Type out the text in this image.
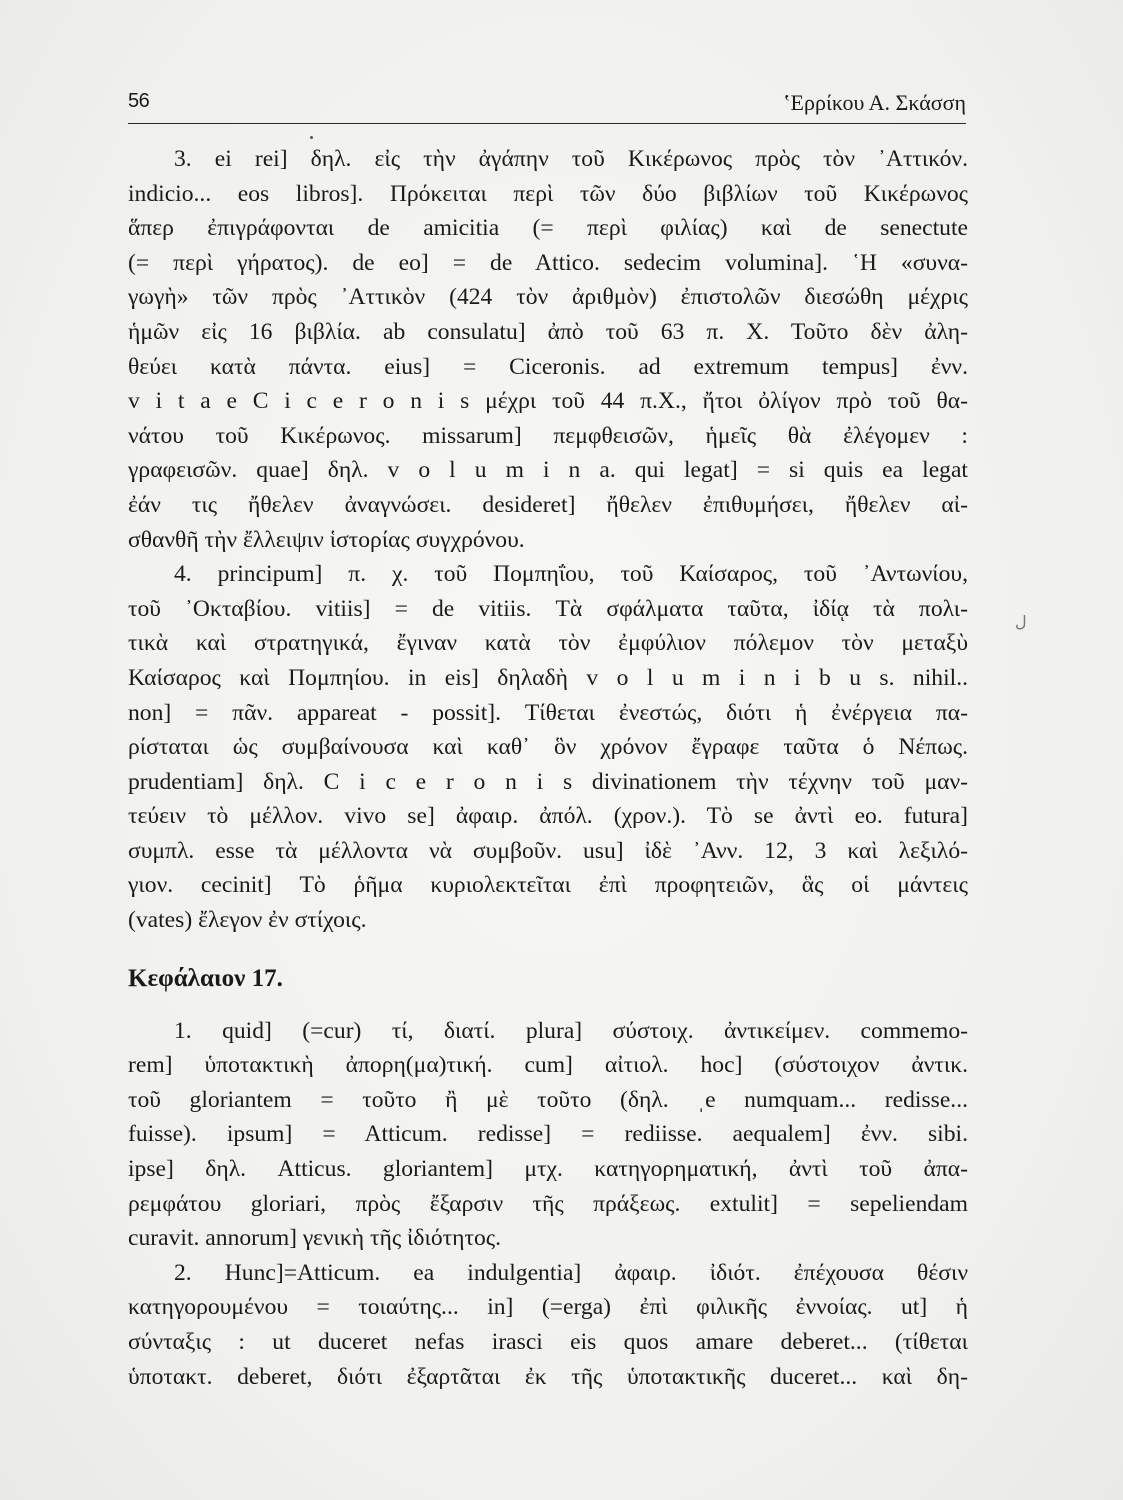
56	ʽΕρρίκου Α. Σκάσση
3. ei rei] δηλ. εἰς τὴν ἀγάπην τοῦ Κικέρωνος πρὸς τὸν ᾿Αττικόν.
indicio... eos libros]. Πρόκειται περὶ τῶν δύο βιβλίων τοῦ Κικέρωνος
ἅπερ ἐπιγράφονται de amicitia (= περὶ φιλίας) καὶ de senectute
(= περὶ γήρατος). de eo] = de Attico. sedecim volumina]. ῾Η «συνα-
γωγὴ» τῶν πρὸς ᾿Αττικὸν (424 τὸν ἀριθμὸν) ἐπιστολῶν διεσώθη μέχρις
ἡμῶν εἰς 16 βιβλία. ab consulatu] ἀπὸ τοῦ 63 π. Χ. Τοῦτο δὲν ἀλη-
θεύει κατὰ πάντα. eius] = Ciceronis. ad extremum tempus] ἐνν.
v i t a e C i c e r o n i s μέχρι τοῦ 44 π.Χ., ἤτοι ὀλίγον πρὸ τοῦ θα-
νάτου τοῦ Κικέρωνος. missarum] πεμφθεισῶν, ἡμεῖς θὰ ἐλέγομεν :
γραφεισῶν. quae] δηλ. v o l u m i n a. qui legat] = si quis ea legat
ἐάν τις ἤθελεν ἀναγνώσει. desideret] ἤθελεν ἐπιθυμήσει, ἤθελεν αἰ-
σθανθῆ τὴν ἔλλειψιν ἱστορίας συγχρόνου.
4. principum] π. χ. τοῦ Πομπηΐου, τοῦ Καίσαρος, τοῦ ᾿Αντωνίου,
τοῦ ᾿Οκταβίου. vitiis] = de vitiis. Τὰ σφάλματα ταῦτα, ἰδίᾳ τὰ πολι-
τικὰ καὶ στρατηγικά, ἔγιναν κατὰ τὸν ἐμφύλιον πόλεμον τὸν μεταξὺ
Καίσαρος καὶ Πομπηίου. in eis] δηλαδὴ v o l u m i n i b u s. nihil..
non] = πᾶν. appareat - possit]. Τίθεται ἐνεστώς, διότι ἡ ἐνέργεια πα-
ρίσταται ὡς συμβαίνουσα καὶ καθ᾿ ὃν χρόνον ἔγραφε ταῦτα ὁ Νέπως.
prudentiam] δηλ. C i c e r o n i s divinationem τὴν τέχνην τοῦ μαν-
τεύειν τὸ μέλλον. vivo se] ἀφαιρ. ἀπόλ. (χρον.). Τὸ se ἀντὶ eo. futura]
συμπλ. esse τὰ μέλλοντα νὰ συμβοῦν. usu] ἰδὲ ᾿Ανν. 12, 3 καὶ λεξιλό-
γιον. cecinit] Τὸ ῥῆμα κυριολεκτεῖται ἐπὶ προφητειῶν, ἃς οἱ μάντεις
(vates) ἔλεγον ἐν στίχοις.
Κεφάλαιον 17.
1. quid] (=cur) τί, διατί. plura] σύστοιχ. ἀντικείμεν. commemo-
rem] ὑποτακτικὴ ἀπορη(μα)τική. cum] αἰτιολ. hoc] (σύστοιχον ἀντικ.
τοῦ gloriantem = τοῦτο ἢ μὲ τοῦτο (δηλ. ˌe numquam... redisse...
fuisse). ipsum] = Atticum. redisse] = rediisse. aequalem] ἐνν. sibi.
ipse] δηλ. Atticus. gloriantem] μτχ. κατηγορηματική, ἀντὶ τοῦ ἀπα-
ρεμφάτου gloriari, πρὸς ἔξαρσιν τῆς πράξεως. extulit] = sepeliendam
curavit. annorum] γενικὴ τῆς ἰδιότητος.
2. Hunc]=Atticum. ea indulgentia] ἀφαιρ. ἰδιότ. ἐπέχουσα θέσιν
κατηγορουμένου = τοιαύτης... in] (=erga) ἐπὶ φιλικῆς ἐννοίας. ut] ἡ
σύνταξις : ut duceret nefas irasci eis quos amare deberet... (τίθεται
ὑποτακτ. deberet, διότι ἐξαρτᾶται ἐκ τῆς ὑποτακτικῆς duceret... καὶ δη-
ﻝ
